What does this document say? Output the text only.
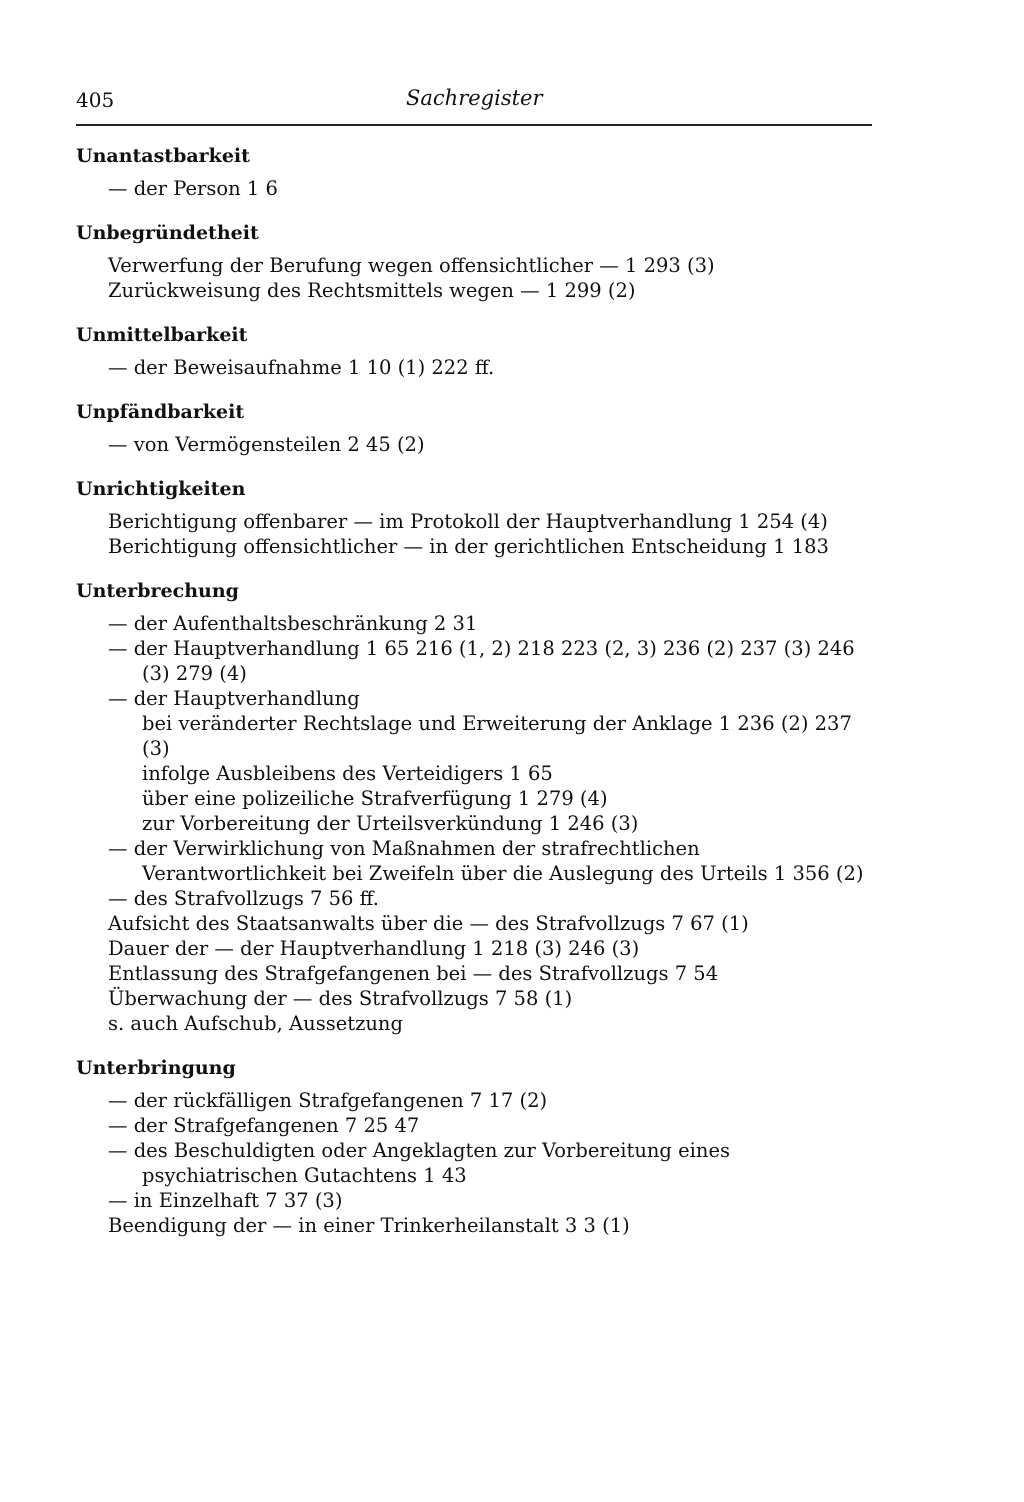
405	Sachregister
Unantastbarkeit
— der Person 1 6
Unbegründetheit
Verwerfung der Berufung wegen offensichtlicher — 1 293 (3)
Zurückweisung des Rechtsmittels wegen — 1 299 (2)
Unmittelbarkeit
— der Beweisaufnahme 1 10 (1) 222 ff.
Unpfändbarkeit
— von Vermögensteilen 2 45 (2)
Unrichtigkeiten
Berichtigung offenbarer — im Protokoll der Hauptverhandlung 1 254 (4)
Berichtigung offensichtlicher — in der gerichtlichen Entscheidung 1 183
Unterbrechung
— der Aufenthaltsbeschränkung 2 31
— der Hauptverhandlung 1 65 216 (1, 2) 218 223 (2, 3) 236 (2) 237 (3) 246 (3) 279 (4)
— der Hauptverhandlung
bei veränderter Rechtslage und Erweiterung der Anklage 1 236 (2) 237 (3)
infolge Ausbleibens des Verteidigers 1 65
über eine polizeiliche Strafverfügung 1 279 (4)
zur Vorbereitung der Urteilsverkündung 1 246 (3)
— der Verwirklichung von Maßnahmen der strafrechtlichen Verantwortlichkeit bei Zweifeln über die Auslegung des Urteils 1 356 (2)
— des Strafvollzugs 7 56 ff.
Aufsicht des Staatsanwalts über die — des Strafvollzugs 7 67 (1)
Dauer der — der Hauptverhandlung 1 218 (3) 246 (3)
Entlassung des Strafgefangenen bei — des Strafvollzugs 7 54
Überwachung der — des Strafvollzugs 7 58 (1)
s. auch Aufschub, Aussetzung
Unterbringung
— der rückfälligen Strafgefangenen 7 17 (2)
— der Strafgefangenen 7 25 47
— des Beschuldigten oder Angeklagten zur Vorbereitung eines psychiatrischen Gutachtens 1 43
— in Einzelhaft 7 37 (3)
Beendigung der — in einer Trinkerheilanstalt 3 3 (1)
